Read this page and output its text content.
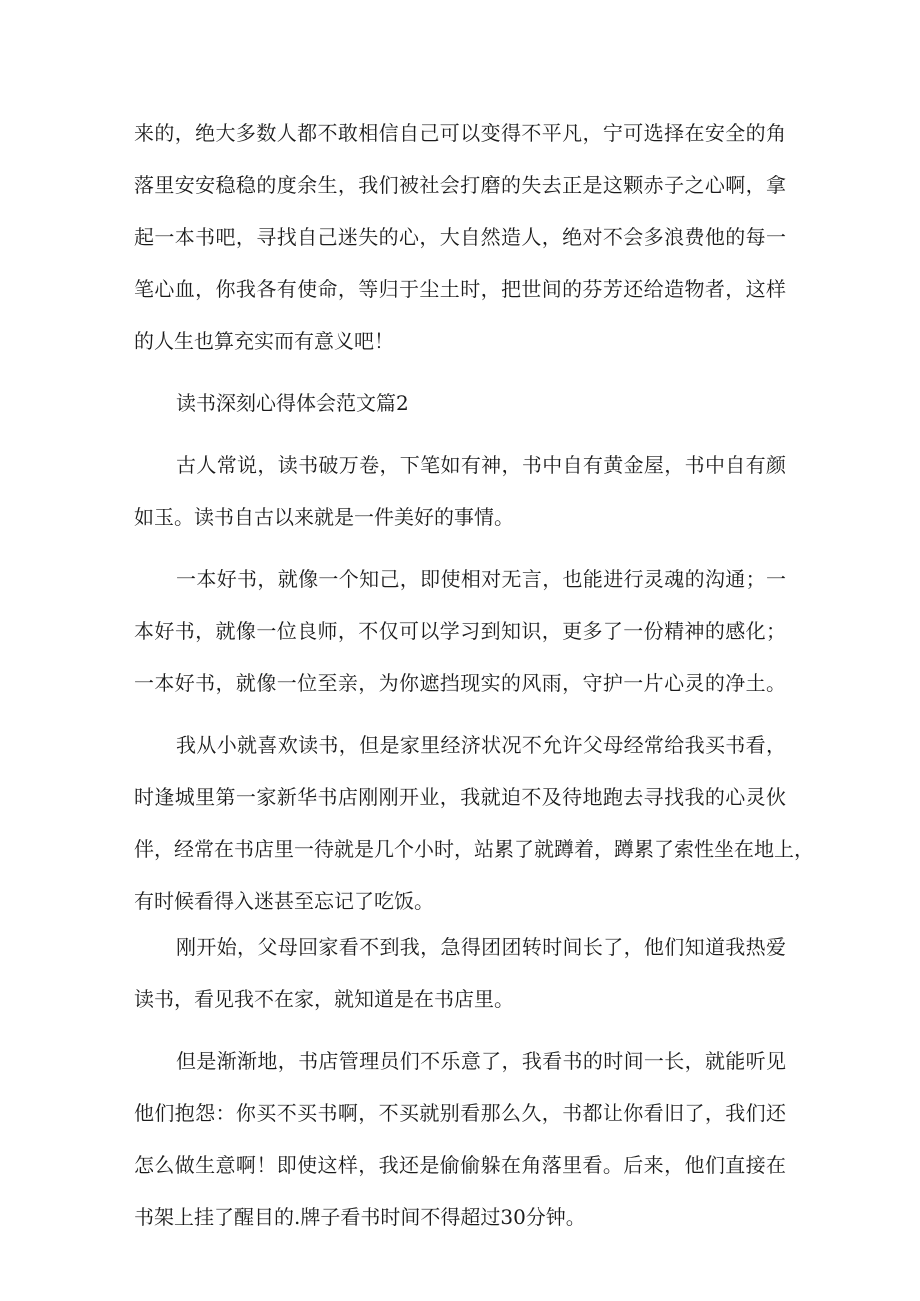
来的，绝大多数人都不敢相信自己可以变得不平凡，宁可选择在安全的角
落里安安稳稳的度余生，我们被社会打磨的失去正是这颗赤子之心啊，拿
起一本书吧，寻找自己迷失的心，大自然造人，绝对不会多浪费他的每一
笔心血，你我各有使命，等归于尘土时，把世间的芬芳还给造物者，这样
的人生也算充实而有意义吧！
读书深刻心得体会范文篇2
古人常说，读书破万卷，下笔如有神，书中自有黄金屋，书中自有颜
如玉。读书自古以来就是一件美好的事情。
一本好书，就像一个知己，即使相对无言，也能进行灵魂的沟通；一
本好书，就像一位良师，不仅可以学习到知识，更多了一份精神的感化；
一本好书，就像一位至亲，为你遮挡现实的风雨，守护一片心灵的净土。
我从小就喜欢读书，但是家里经济状况不允许父母经常给我买书看，
时逢城里第一家新华书店刚刚开业，我就迫不及待地跑去寻找我的心灵伙
伴，经常在书店里一待就是几个小时，站累了就蹲着，蹲累了索性坐在地上，
有时候看得入迷甚至忘记了吃饭。
刚开始，父母回家看不到我，急得团团转时间长了，他们知道我热爱
读书，看见我不在家，就知道是在书店里。
但是渐渐地，书店管理员们不乐意了，我看书的时间一长，就能听见
他们抱怨：你买不买书啊，不买就别看那么久，书都让你看旧了，我们还
怎么做生意啊！即使这样，我还是偷偷躲在角落里看。后来，他们直接在
书架上挂了醒目的.牌子看书时间不得超过30分钟。
